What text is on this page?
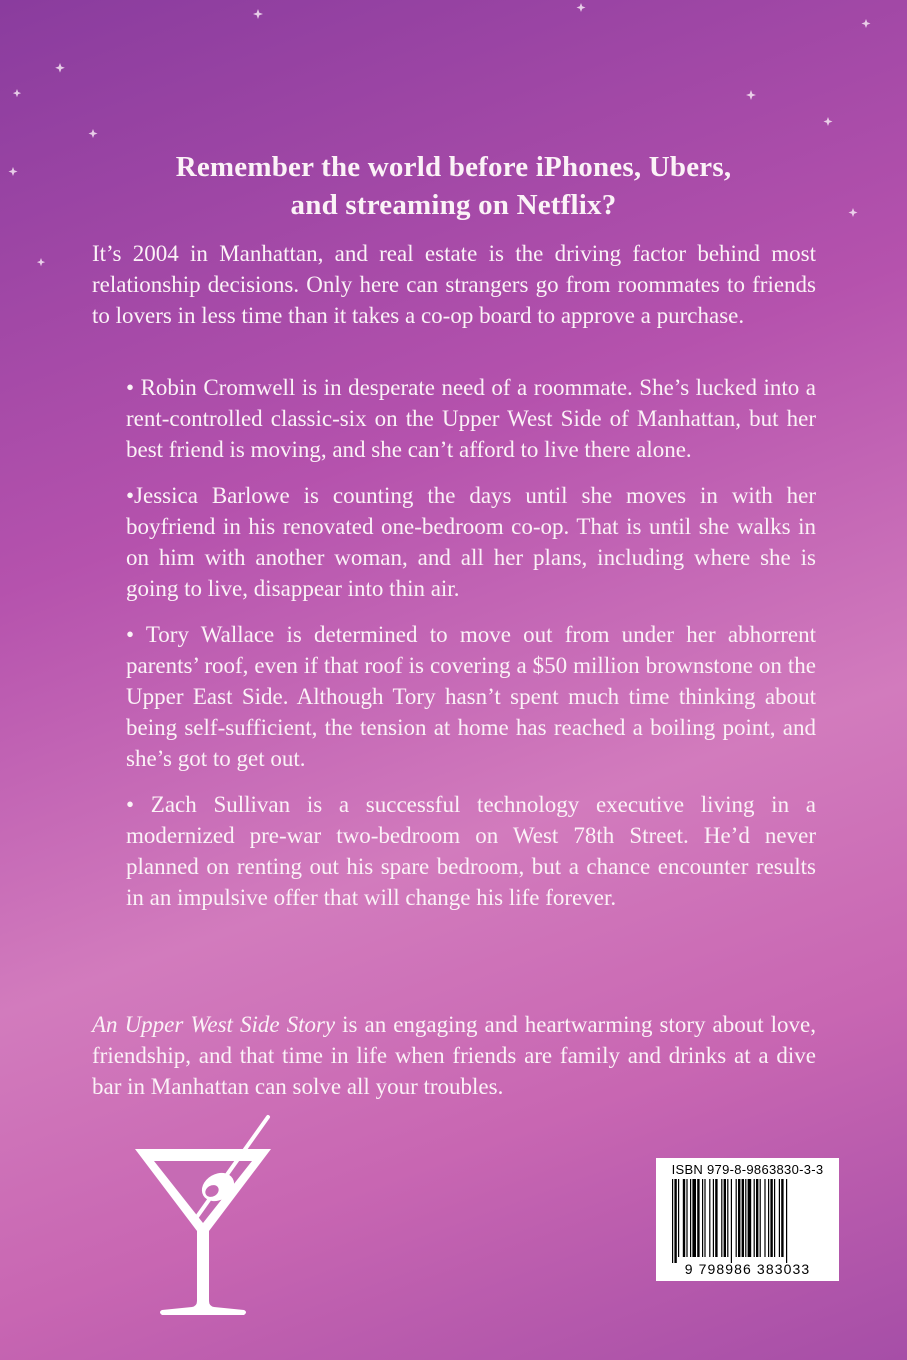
Remember the world before iPhones, Ubers,
and streaming on Netflix?
It’s 2004 in Manhattan, and real estate is the driving factor behind most relationship decisions. Only here can strangers go from roommates to friends to lovers in less time than it takes a co-op board to approve a purchase.

• Robin Cromwell is in desperate need of a roommate. She’s lucked into a rent-controlled classic-six on the Upper West Side of Manhattan, but her best friend is moving, and she can’t afford to live there alone.

•Jessica Barlowe is counting the days until she moves in with her boyfriend in his renovated one-bedroom co-op. That is until she walks in on him with another woman, and all her plans, including where she is going to live, disappear into thin air.

• Tory Wallace is determined to move out from under her abhorrent parents’ roof, even if that roof is covering a $50 million brownstone on the Upper East Side. Although Tory hasn’t spent much time thinking about being self-sufficient, the tension at home has reached a boiling point, and she’s got to get out.

• Zach Sullivan is a successful technology executive living in a modernized pre-war two-bedroom on West 78th Street. He’d never planned on renting out his spare bedroom, but a chance encounter results in an impulsive offer that will change his life forever.

An Upper West Side Story is an engaging and heartwarming story about love, friendship, and that time in life when friends are family and drinks at a dive bar in Manhattan can solve all your troubles.

ISBN 979-8-9863830-3-3
9 798986 383033
